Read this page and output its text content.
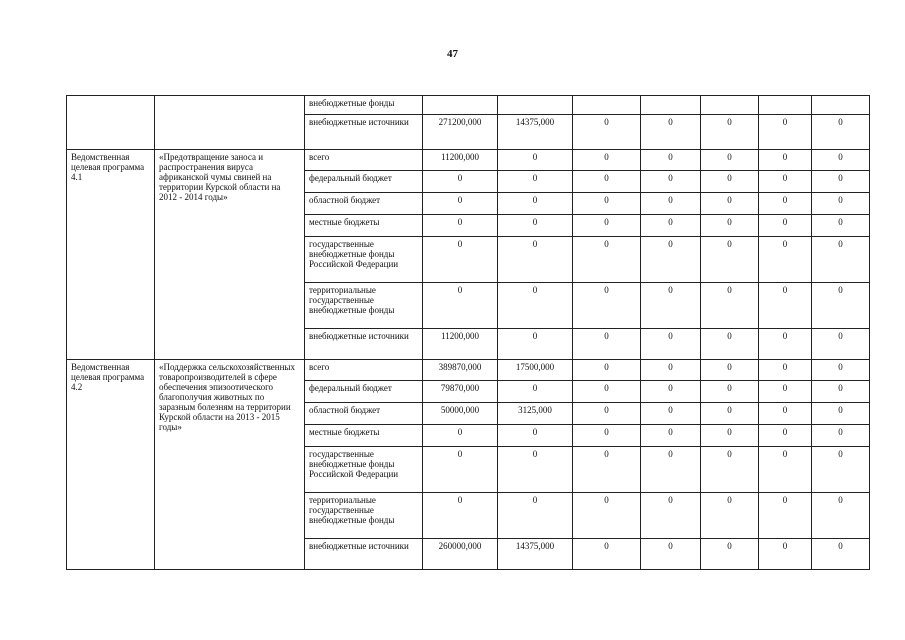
47
		внебюджетные фонды							
		внебюджетные источники	271200,000	14375,000	0	0	0	0	0
Ведомственная целевая программа 4.1	«Предотвращение заноса и распространения вируса африканской чумы свиней на территории Курской области на 2012 - 2014 годы»	всего	11200,000	0	0	0	0	0	0
		федеральный бюджет	0	0	0	0	0	0	0
		областной бюджет	0	0	0	0	0	0	0
		местные бюджеты	0	0	0	0	0	0	0
		государственные внебюджетные фонды Российской Федерации	0	0	0	0	0	0	0
		территориальные государственные внебюджетные фонды	0	0	0	0	0	0	0
		внебюджетные источники	11200,000	0	0	0	0	0	0
Ведомственная целевая программа 4.2	«Поддержка сельскохозяйственных товаропроизводителей в сфере обеспечения эпизоотического благополучия животных по заразным болезням на территории Курской области на 2013 - 2015 годы»	всего	389870,000	17500,000	0	0	0	0	0
		федеральный бюджет	79870,000	0	0	0	0	0	0
		областной бюджет	50000,000	3125,000	0	0	0	0	0
		местные бюджеты	0	0	0	0	0	0	0
		государственные внебюджетные фонды Российской Федерации	0	0	0	0	0	0	0
		территориальные государственные внебюджетные фонды	0	0	0	0	0	0	0
		внебюджетные источники	260000,000	14375,000	0	0	0	0	0
